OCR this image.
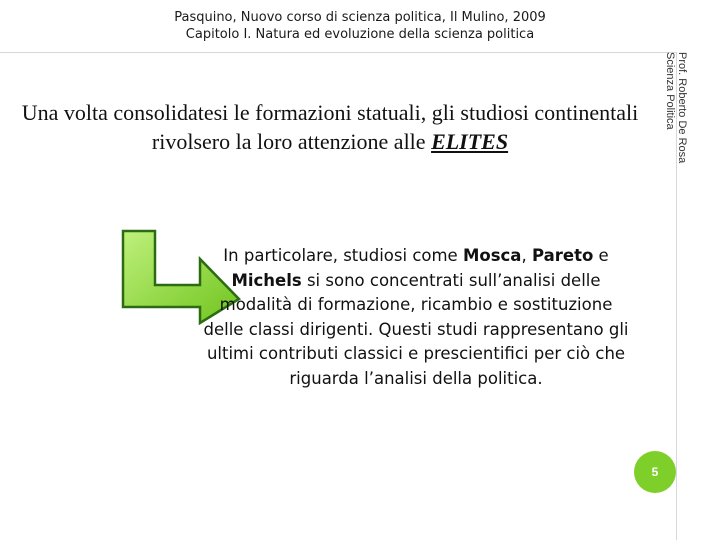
Pasquino, Nuovo corso di scienza politica, Il Mulino, 2009
Capitolo I. Natura ed evoluzione della scienza politica
Prof. Roberto De Rosa
Scienza Politica
Una volta consolidatesi le formazioni statuali, gli studiosi continentali rivolsero la loro attenzione alle ELITES
In particolare, studiosi come Mosca, Pareto e Michels si sono concentrati sull’analisi delle modalità di formazione, ricambio e sostituzione delle classi dirigenti. Questi studi rappresentano gli ultimi contributi classici e prescientifici per ciò che riguarda l’analisi della politica.
5
